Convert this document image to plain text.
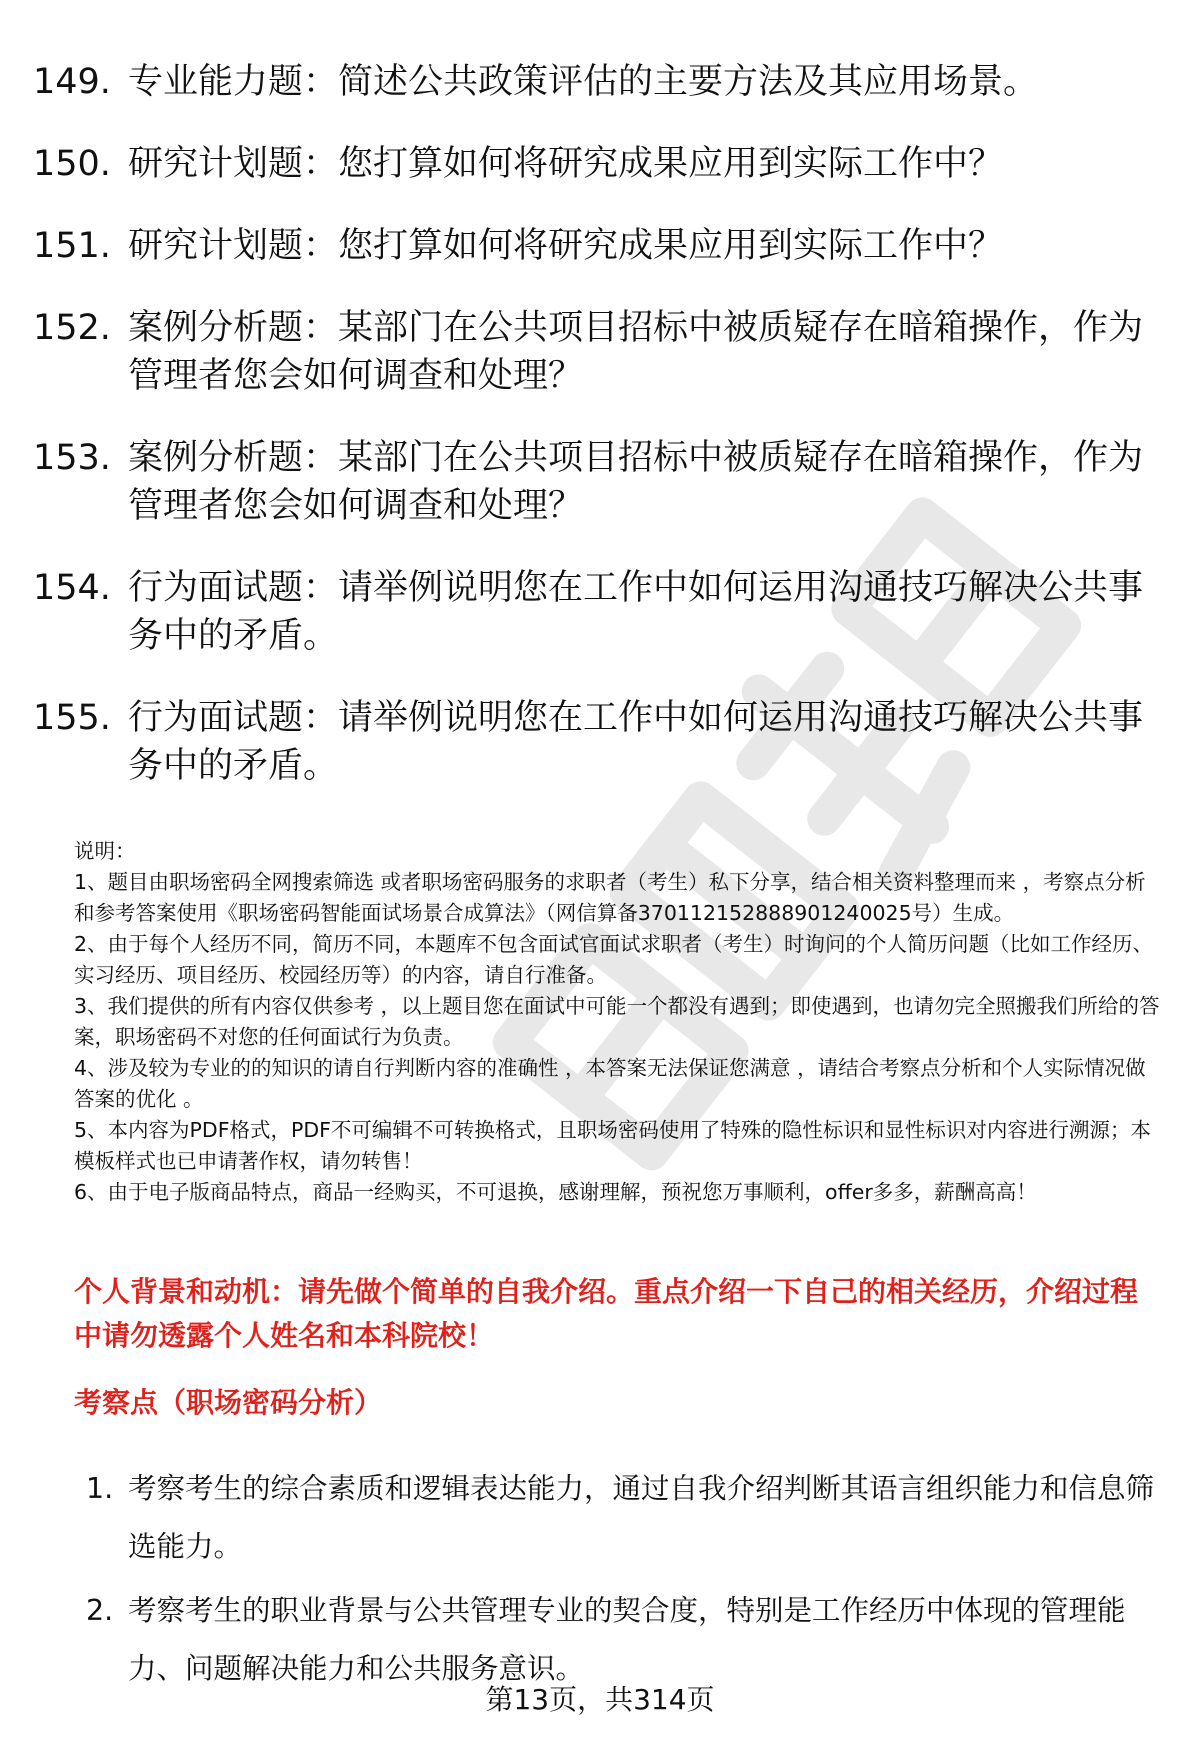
149. 专业能力题：简述公共政策评估的主要方法及其应用场景。
150. 研究计划题：您打算如何将研究成果应用到实际工作中？
151. 研究计划题：您打算如何将研究成果应用到实际工作中？
152. 案例分析题：某部门在公共项目招标中被质疑存在暗箱操作，作为管理者您会如何调查和处理？
153. 案例分析题：某部门在公共项目招标中被质疑存在暗箱操作，作为管理者您会如何调查和处理？
154. 行为面试题：请举例说明您在工作中如何运用沟通技巧解决公共事务中的矛盾。
155. 行为面试题：请举例说明您在工作中如何运用沟通技巧解决公共事务中的矛盾。

说明：

1、题目由职场密码全网搜索筛选 或者职场密码服务的求职者（考生）私下分享，结合相关资料整理而来 ，考察点分析和参考答案使用《职场密码智能面试场景合成算法》（网信算备370112152888901240025号）生成。

2、由于每个人经历不同，简历不同，本题库不包含面试官面试求职者（考生）时询问的个人简历问题（比如工作经历、实习经历、项目经历、校园经历等）的内容，请自行准备。

3、我们提供的所有内容仅供参考 ，以上题目您在面试中可能一个都没有遇到；即使遇到，也请勿完全照搬我们所给的答案，职场密码不对您的任何面试行为负责。

4、涉及较为专业的的知识的请自行判断内容的准确性 ，本答案无法保证您满意 ，请结合考察点分析和个人实际情况做答案的优化 。

5、本内容为PDF格式，PDF不可编辑不可转换格式，且职场密码使用了特殊的隐性标识和显性标识对内容进行溯源；本模板样式也已申请著作权，请勿转售！

6、由于电子版商品特点，商品一经购买，不可退换，感谢理解，预祝您万事顺利，offer多多，薪酬高高！

个人背景和动机：请先做个简单的自我介绍。重点介绍一下自己的相关经历，介绍过程中请勿透露个人姓名和本科院校！
考察点（职场密码分析）
1. 考察考生的综合素质和逻辑表达能力，通过自我介绍判断其语言组织能力和信息筛选能力。
2. 考察考生的职业背景与公共管理专业的契合度，特别是工作经历中体现的管理能力、问题解决能力和公共服务意识。
第13页，共314页
